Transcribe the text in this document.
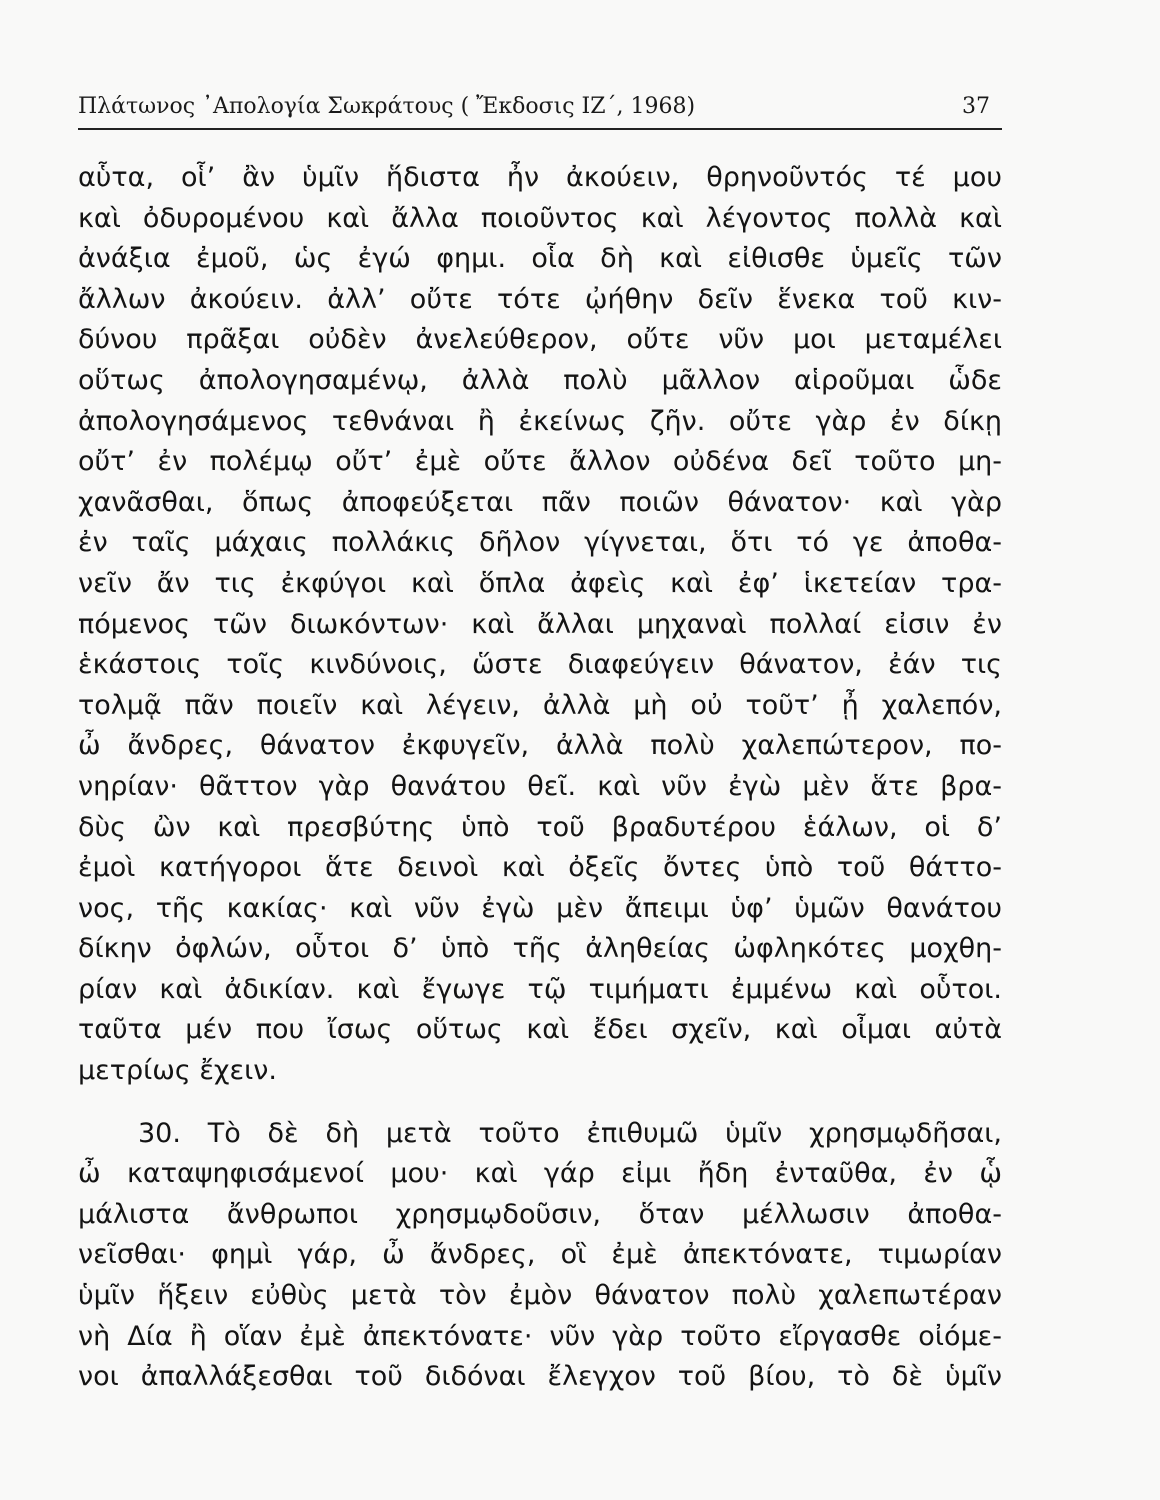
Πλάτωνος ᾿Απολογία Σωκράτους ( Ἔκδοσις ΙΖ΄, 1968)	37
αὗτα, οἷ’ ἂν ὑμῖν ἥδιστα ἦν ἀκούειν, θρηνοῦντός τέ μου
καὶ ὀδυρομένου καὶ ἄλλα ποιοῦντος καὶ λέγοντος πολλὰ καὶ
ἀνάξια ἐμοῦ, ὡς ἐγώ φημι. οἷα δὴ καὶ εἰθισθε ὑμεῖς τῶν
ἄλλων ἀκούειν. ἀλλ’ οὔτε τότε ᾠήθην δεῖν ἕνεκα τοῦ κιν-
δύνου πρᾶξαι οὐδὲν ἀνελεύθερον, οὔτε νῦν μοι μεταμέλει
οὕτως ἀπολογησαμένῳ, ἀλλὰ πολὺ μᾶλλον αἱροῦμαι ὧδε
ἀπολογησάμενος τεθνάναι ἢ ἐκείνως ζῆν. οὔτε γὰρ ἐν δίκῃ
οὔτ’ ἐν πολέμῳ οὔτ’ ἐμὲ οὔτε ἄλλον οὐδένα δεῖ τοῦτο μη-
χανᾶσθαι, ὅπως ἀποφεύξεται πᾶν ποιῶν θάνατον· καὶ γὰρ
ἐν ταῖς μάχαις πολλάκις δῆλον γίγνεται, ὅτι τό γε ἀποθα-
νεῖν ἄν τις ἐκφύγοι καὶ ὅπλα ἀφεὶς καὶ ἐφ’ ἱκετείαν τρα-
πόμενος τῶν διωκόντων· καὶ ἄλλαι μηχαναὶ πολλαί εἰσιν ἐν
ἑκάστοις τοῖς κινδύνοις, ὥστε διαφεύγειν θάνατον, ἐάν τις
τολμᾷ πᾶν ποιεῖν καὶ λέγειν, ἀλλὰ μὴ οὐ τοῦτ’ ᾖ χαλεπόν,
ὦ ἄνδρες, θάνατον ἐκφυγεῖν, ἀλλὰ πολὺ χαλεπώτερον, πο-
νηρίαν· θᾶττον γὰρ θανάτου θεῖ. καὶ νῦν ἐγὼ μὲν ἅτε βρα-
δὺς ὢν καὶ πρεσβύτης ὑπὸ τοῦ βραδυτέρου ἑάλων, οἱ δ’
ἐμοὶ κατήγοροι ἅτε δεινοὶ καὶ ὀξεῖς ὄντες ὑπὸ τοῦ θάττο-
νος, τῆς κακίας· καὶ νῦν ἐγὼ μὲν ἄπειμι ὑφ’ ὑμῶν θανάτου
δίκην ὀφλών, οὗτοι δ’ ὑπὸ τῆς ἀληθείας ὠφληκότες μοχθη-
ρίαν καὶ ἀδικίαν. καὶ ἔγωγε τῷ τιμήματι ἐμμένω καὶ οὗτοι.
ταῦτα μέν που ἴσως οὕτως καὶ ἔδει σχεῖν, καὶ οἶμαι αὐτὰ
μετρίως ἔχειν.
30. Τὸ δὲ δὴ μετὰ τοῦτο ἐπιθυμῶ ὑμῖν χρησμῳδῆσαι,
ὦ καταψηφισάμενοί μου· καὶ γάρ εἰμι ἤδη ἐνταῦθα, ἐν ᾧ
μάλιστα ἄνθρωποι χρησμῳδοῦσιν, ὅταν μέλλωσιν ἀποθα-
νεῖσθαι· φημὶ γάρ, ὦ ἄνδρες, οἳ ἐμὲ ἀπεκτόνατε, τιμωρίαν
ὑμῖν ἥξειν εὐθὺς μετὰ τὸν ἐμὸν θάνατον πολὺ χαλεπωτέραν
νὴ Δία ἢ οἵαν ἐμὲ ἀπεκτόνατε· νῦν γὰρ τοῦτο εἴργασθε οἰόμε-
νοι ἀπαλλάξεσθαι τοῦ διδόναι ἔλεγχον τοῦ βίου, τὸ δὲ ὑμῖν
